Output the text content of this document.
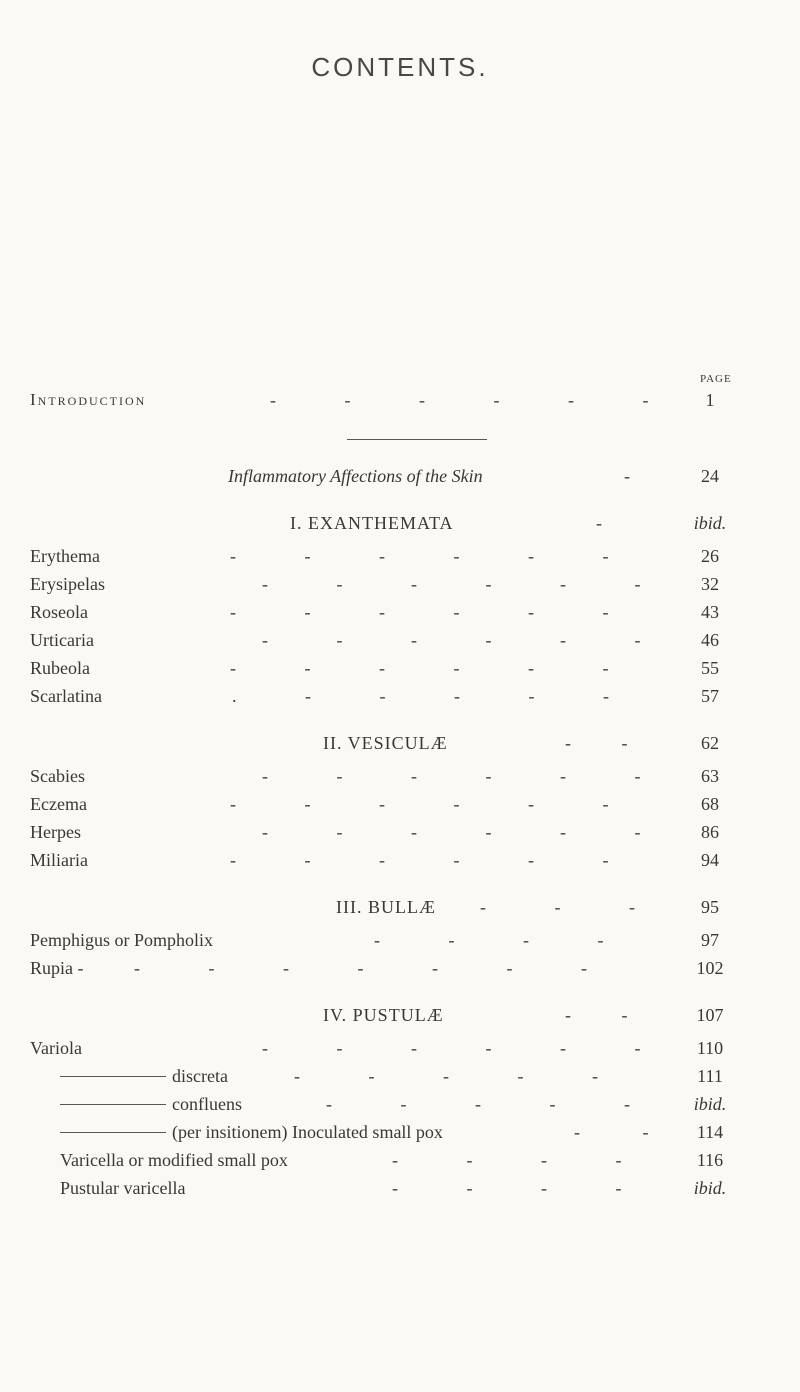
CONTENTS.
PAGE
Introduction	- - - - - -	1
Inflammatory Affections of the Skin	-	24
I. EXANTHEMATA	-	ibid.
Erythema	- - - - - -	26
Erysipelas	- - - - - -	32
Roseola	- - - - - -	43
Urticaria	- - - - - -	46
Rubeola	- - - - - -	55
Scarlatina	. - - - - -	57
II. VESICULÆ	- -	62
Scabies	- - - - - -	63
Eczema	- - - - - -	68
Herpes	- - - - - -	86
Miliaria	- - - - - -	94
III. BULLÆ - - -	95
Pemphigus or Pompholix	- - - -	97
Rupia -	- - - - - - -	102
IV. PUSTULÆ	- -	107
Variola	- - - - - -	110
discreta	- - - - -	111
confluens	- - - - -	ibid.
(per insitionem) Inoculated small pox	- -	114
Varicella or modified small pox	- - - -	116
Pustular varicella	- - - -	ibid.
